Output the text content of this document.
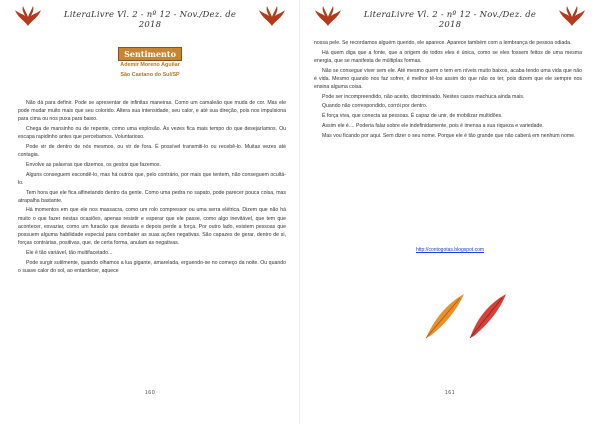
LiteraLivre Vl. 2 - nº 12 - Nov./Dez. de 2018
Sentimento
Ademir Moreno Aguilar
São Caetano do Sul/SP

Não dá para definir. Pode se apresentar de infinitas maneiras. Como um camaleão que muda de cor. Mas ele pode mudar muito mais que seu colorido. Altera sua intensidade, seu calor, e até sua direção, pois nos impulsiona para cima ou nos puxa para baixo.

Chega de mansinho ou de repente, como uma explosão. Às vezes fica mais tempo do que desejaríamos. Ou escapa rapidinho antes que percebamos. Voluntarioso.

Pode vir de dentro de nós mesmos, ou vir de fora. É possível transmiti-lo ou recebê-lo. Muitas vezes até contagia.

Envolve as palavras que dizemos, os gestos que fazemos.

Alguns conseguem escondê-lo, mas há outros que, pelo contrário, por mais que tentem, não conseguem ocultá-lo.

Tem hora que ele fica alfinetando dentro da gente. Como uma pedra no sapato, pode parecer pouca coisa, mas atrapalha bastante.

Há momentos em que ele nos massacra, como um rolo compressor ou uma serra elétrica. Dizem que não há muito o que fazer nestas ocasiões, apenas resistir e esperar que ele passe, como algo inevitável, que tem que acontecer, esvaziar, como um furacão que devasta e depois perde a força. Por outro lado, existem pessoas que possuem alguma habilidade especial para combater as suas ações negativas. São capazes de gerar, dentro de si, forças contrárias, positivas, que, de certa forma, anulam as negativas.

Ele é tão variável, tão multifacetado...

Pode surgir sutilmente, quando olhamos a lua gigante, amarelada, erguendo-se no começo da noite. Ou quando o suave calor do sol, ao entardecer, aquece

160
LiteraLivre Vl. 2 - nº 12 - Nov./Dez. de 2018

nossa pele. Se recordamos alguém querido, ele aparece. Aparece também com a lembrança de pessoa odiada.

Há quem diga que a fonte, que a origem de todos eles é única, como se eles fossem feitos de uma mesma energia, que se manifesta de múltiplas formas.

Não se consegue viver sem ele. Até mesmo quem o tem em níveis muito baixos, acaba tendo uma vida que não é vida. Mesmo quando nos faz sofrer, é melhor tê-los assim do que não os ter, pois dizem que ele sempre nos ensina alguma coisa.

Pode ser incompreendido, não aceito, discriminado. Nestes casos machuca ainda mais.

Quando não correspondido, corrói por dentro.

É força viva, que conecta as pessoas. É capaz de unir, de mobilizar multidões.

Assim ele é.... Poderia falar sobre ele indefinidamente, pois é imensa a sua riqueza e variedade.

Mas vou ficando por aqui. Sem dizer o seu nome. Porque ele é tão grande que não caberá em nenhum nome.

http://contogotas.blogspot.com
161
